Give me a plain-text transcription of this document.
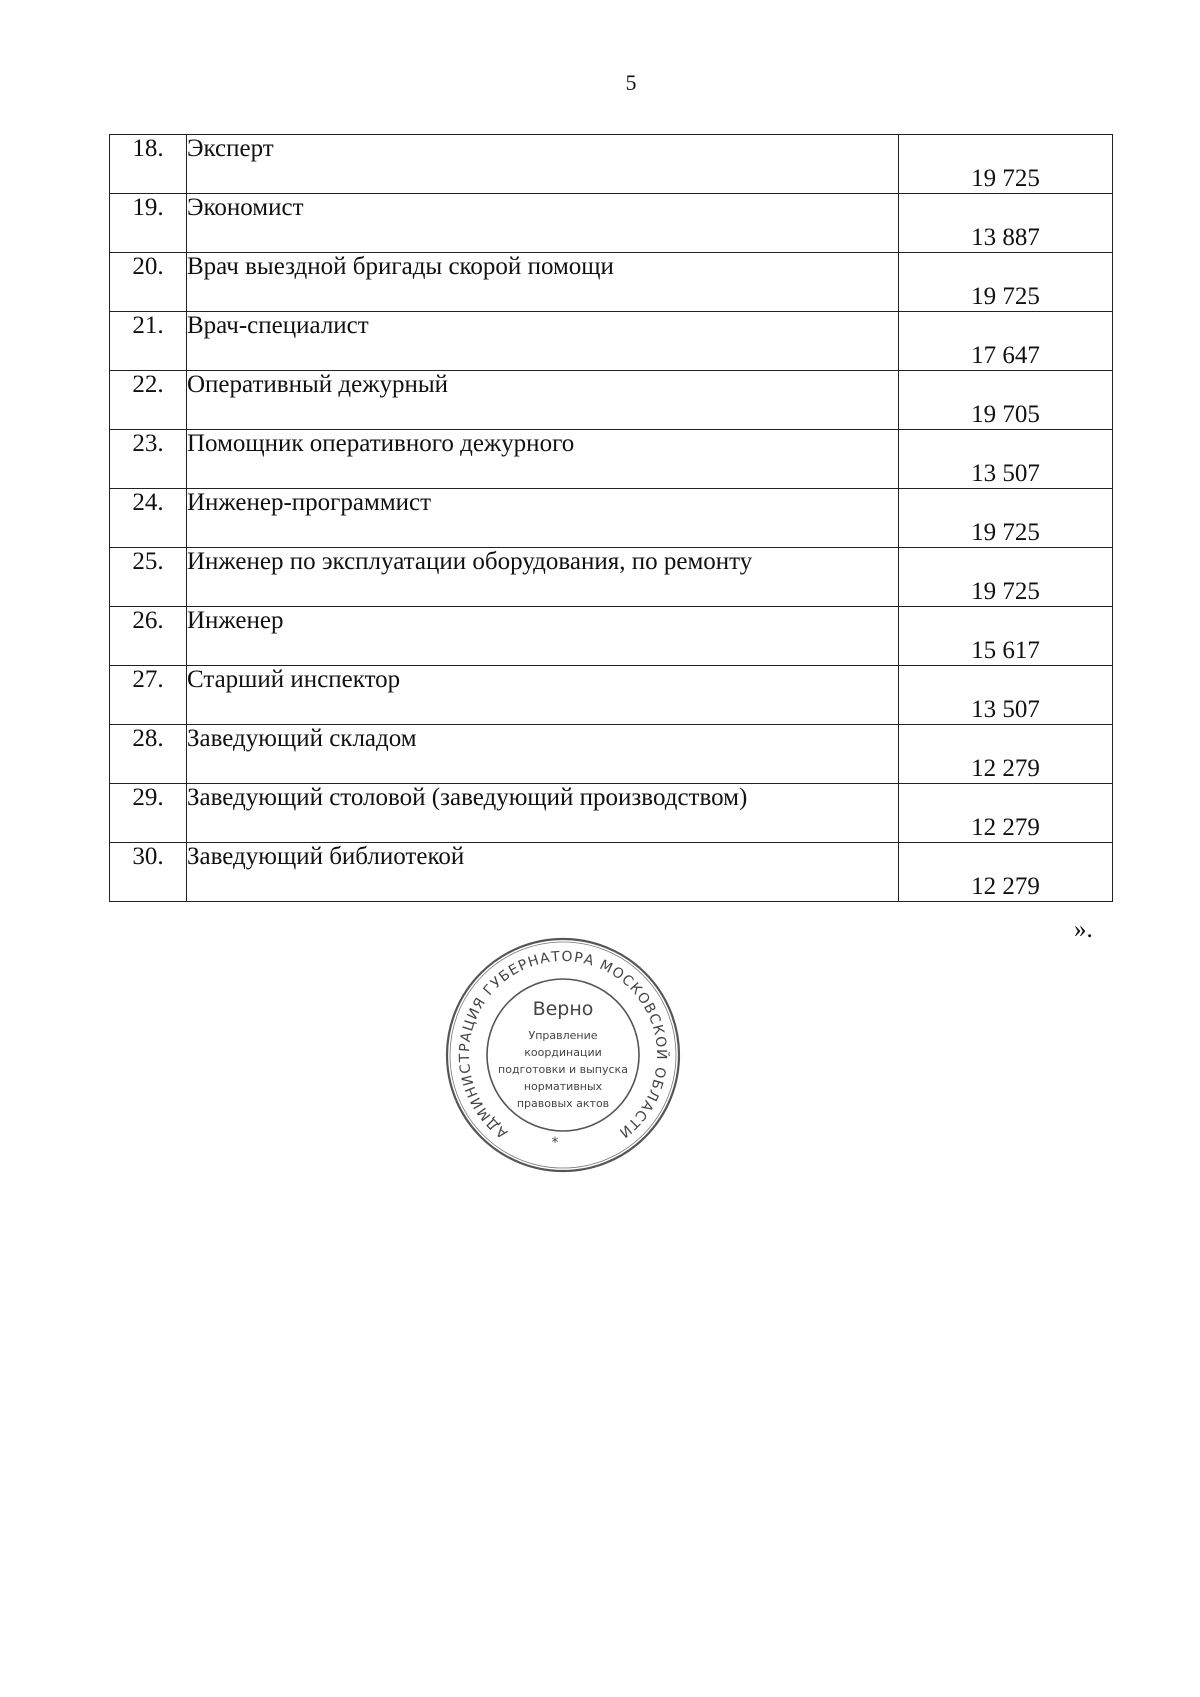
5
18.	Эксперт	19 725
19.	Экономист	13 887
20.	Врач выездной бригады скорой помощи	19 725
21.	Врач-специалист	17 647
22.	Оперативный дежурный	19 705
23.	Помощник оперативного дежурного	13 507
24.	Инженер-программист	19 725
25.	Инженер по эксплуатации оборудования, по ремонту	19 725
26.	Инженер	15 617
27.	Старший инспектор	13 507
28.	Заведующий складом	12 279
29.	Заведующий столовой (заведующий производством)	12 279
30.	Заведующий библиотекой	12 279
».
АДМИНИСТРАЦИЯ ГУБЕРНАТОРА МОСКОВСКОЙ ОБЛАСТИ
Верно
Управление
координации
подготовки и выпуска
нормативных
правовых актов
*
